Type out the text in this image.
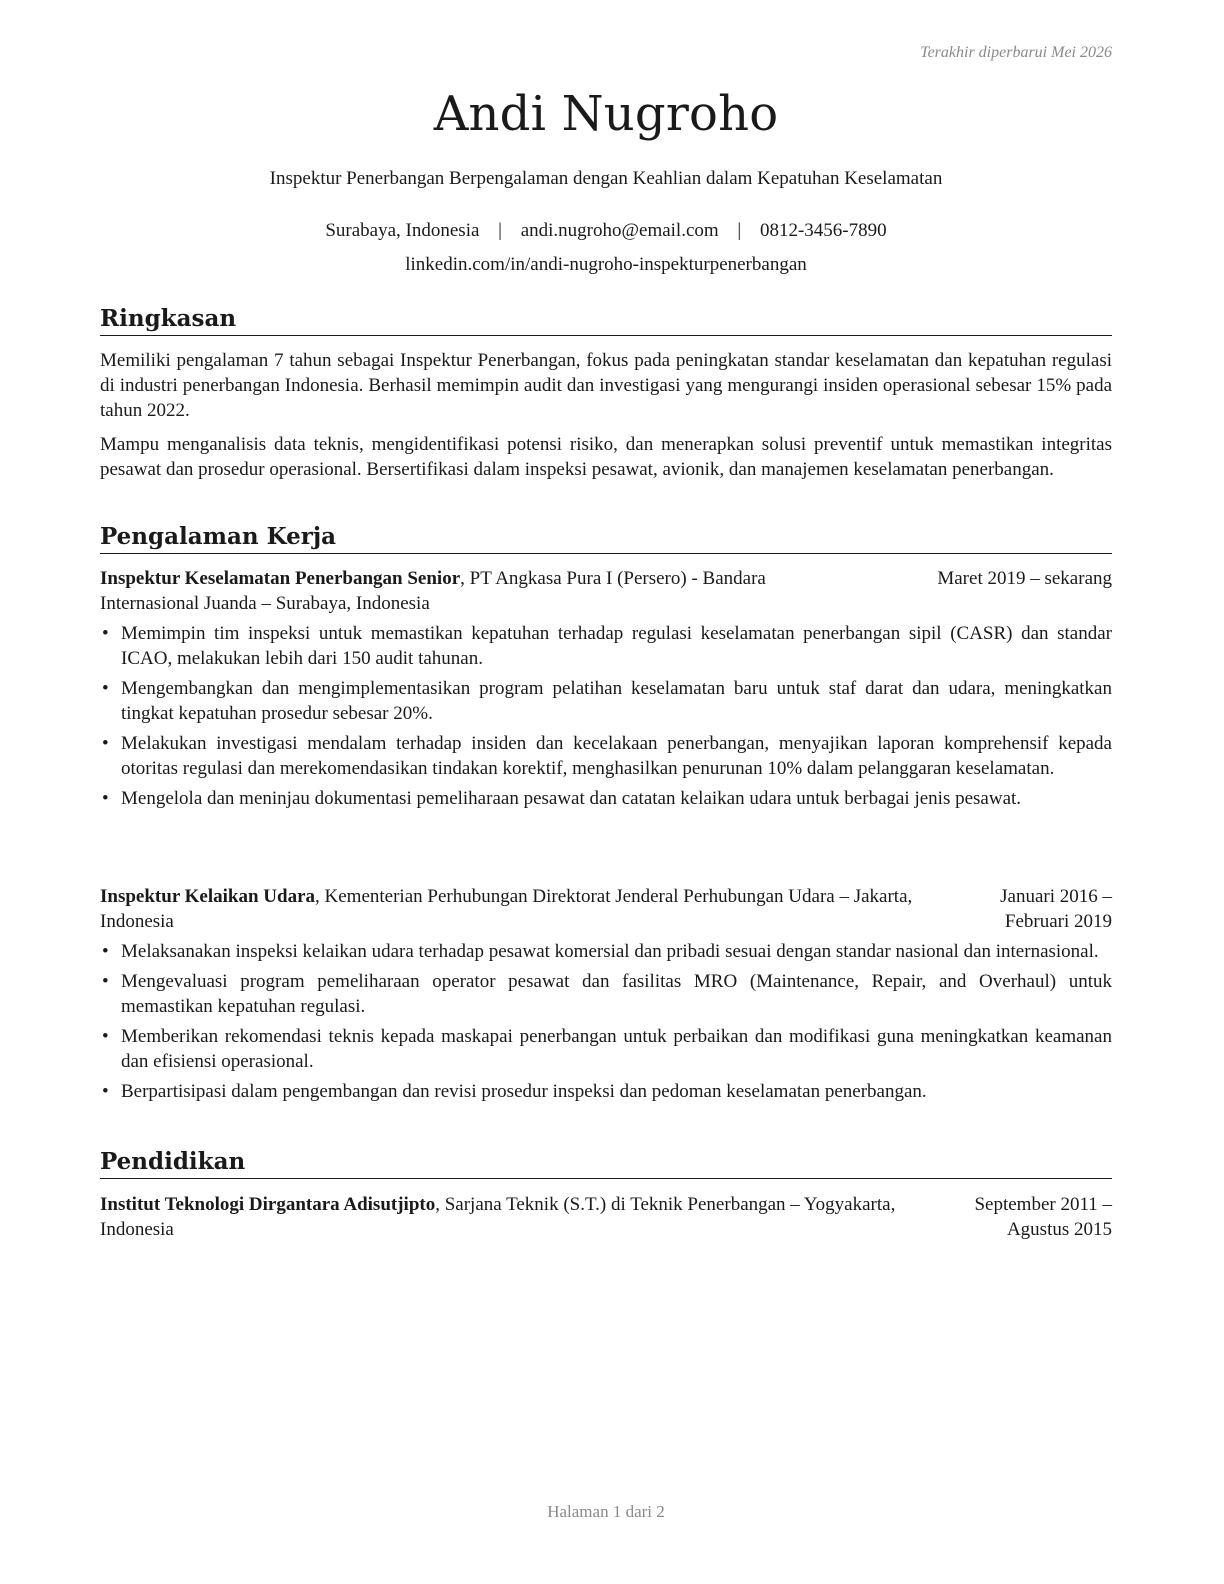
Terakhir diperbarui Mei 2026
Andi Nugroho
Inspektur Penerbangan Berpengalaman dengan Keahlian dalam Kepatuhan Keselamatan
Surabaya, Indonesia | andi.nugroho@email.com | 0812-3456-7890
linkedin.com/in/andi-nugroho-inspekturpenerbangan
Ringkasan
Memiliki pengalaman 7 tahun sebagai Inspektur Penerbangan, fokus pada peningkatan standar keselamatan dan kepatuhan regulasi di industri penerbangan Indonesia. Berhasil memimpin audit dan investigasi yang mengurangi insiden operasional sebesar 15% pada tahun 2022.
Mampu menganalisis data teknis, mengidentifikasi potensi risiko, dan menerapkan solusi preventif untuk memastikan integritas pesawat dan prosedur operasional. Bersertifikasi dalam inspeksi pesawat, avionik, dan manajemen keselamatan penerbangan.
Pengalaman Kerja
Inspektur Keselamatan Penerbangan Senior, PT Angkasa Pura I (Persero) - Bandara Internasional Juanda – Surabaya, Indonesia
Maret 2019 – sekarang
• Memimpin tim inspeksi untuk memastikan kepatuhan terhadap regulasi keselamatan penerbangan sipil (CASR) dan standar ICAO, melakukan lebih dari 150 audit tahunan.
• Mengembangkan dan mengimplementasikan program pelatihan keselamatan baru untuk staf darat dan udara, meningkatkan tingkat kepatuhan prosedur sebesar 20%.
• Melakukan investigasi mendalam terhadap insiden dan kecelakaan penerbangan, menyajikan laporan komprehensif kepada otoritas regulasi dan merekomendasikan tindakan korektif, menghasilkan penurunan 10% dalam pelanggaran keselamatan.
• Mengelola dan meninjau dokumentasi pemeliharaan pesawat dan catatan kelaikan udara untuk berbagai jenis pesawat.
Inspektur Kelaikan Udara, Kementerian Perhubungan Direktorat Jenderal Perhubungan Udara – Jakarta, Indonesia
Januari 2016 – Februari 2019
• Melaksanakan inspeksi kelaikan udara terhadap pesawat komersial dan pribadi sesuai dengan standar nasional dan internasional.
• Mengevaluasi program pemeliharaan operator pesawat dan fasilitas MRO (Maintenance, Repair, and Overhaul) untuk memastikan kepatuhan regulasi.
• Memberikan rekomendasi teknis kepada maskapai penerbangan untuk perbaikan dan modifikasi guna meningkatkan keamanan dan efisiensi operasional.
• Berpartisipasi dalam pengembangan dan revisi prosedur inspeksi dan pedoman keselamatan penerbangan.
Pendidikan
Institut Teknologi Dirgantara Adisutjipto, Sarjana Teknik (S.T.) di Teknik Penerbangan – Yogyakarta, Indonesia
September 2011 – Agustus 2015
Halaman 1 dari 2
